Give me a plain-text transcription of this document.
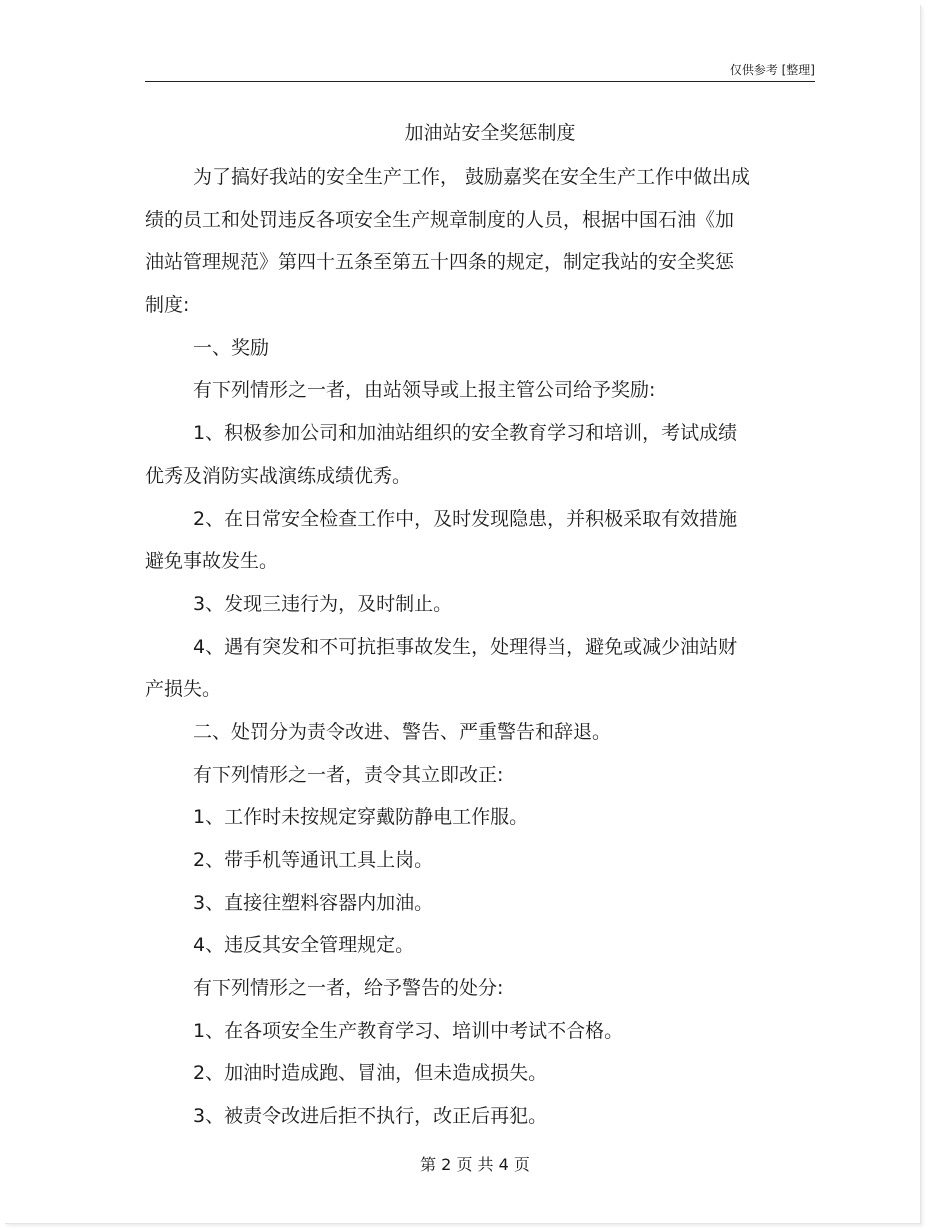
仅供参考 [整理]
加油站安全奖惩制度
为了搞好我站的安全生产工作， 鼓励嘉奖在安全生产工作中做出成
绩的员工和处罚违反各项安全生产规章制度的人员，根据中国石油《加
油站管理规范》第四十五条至第五十四条的规定，制定我站的安全奖惩
制度:
一、奖励
有下列情形之一者，由站领导或上报主管公司给予奖励:
1、积极参加公司和加油站组织的安全教育学习和培训，考试成绩
优秀及消防实战演练成绩优秀。
2、在日常安全检查工作中，及时发现隐患，并积极采取有效措施
避免事故发生。
3、发现三违行为，及时制止。
4、遇有突发和不可抗拒事故发生，处理得当，避免或减少油站财
产损失。
二、处罚分为责令改进、警告、严重警告和辞退。
有下列情形之一者，责令其立即改正:
1、工作时未按规定穿戴防静电工作服。
2、带手机等通讯工具上岗。
3、直接往塑料容器内加油。
4、违反其安全管理规定。
有下列情形之一者，给予警告的处分:
1、在各项安全生产教育学习、培训中考试不合格。
2、加油时造成跑、冒油，但未造成损失。
3、被责令改进后拒不执行，改正后再犯。
第 2 页 共 4 页
